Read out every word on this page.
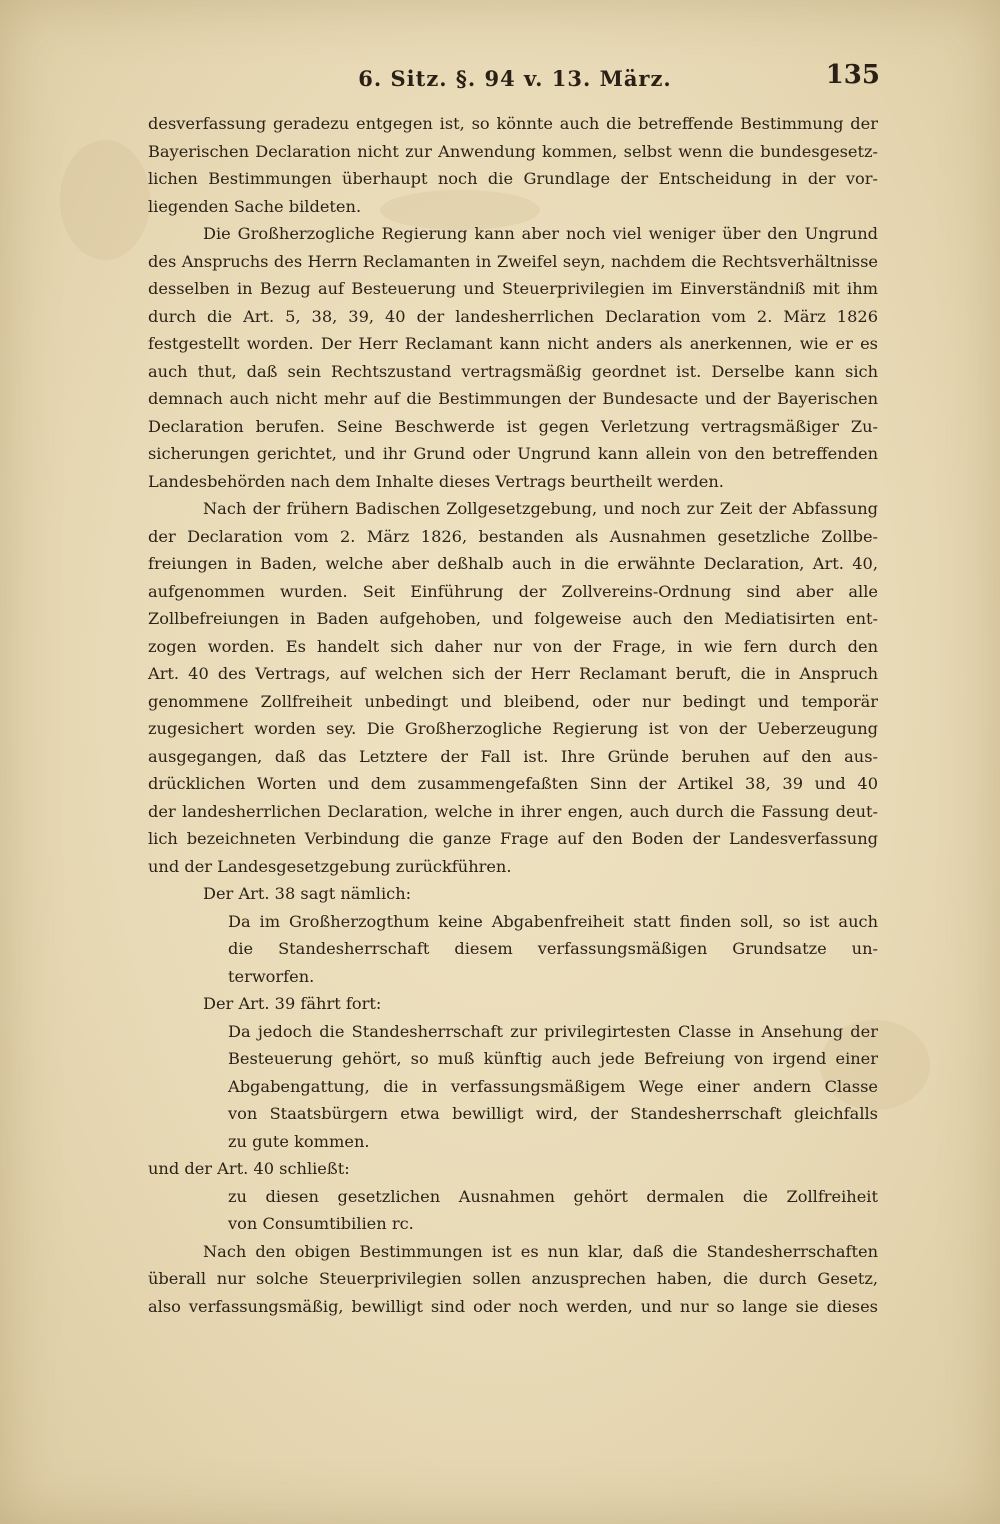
6. Sitz. §. 94 v. 13. März.	135
desverfassung geradezu entgegen ist, so könnte auch die betreffende Bestimmung der
Bayerischen Declaration nicht zur Anwendung kommen, selbst wenn die bundesgesetz-
lichen Bestimmungen überhaupt noch die Grundlage der Entscheidung in der vor-
liegenden Sache bildeten.
Die Großherzogliche Regierung kann aber noch viel weniger über den Ungrund
des Anspruchs des Herrn Reclamanten in Zweifel seyn, nachdem die Rechtsverhältnisse
desselben in Bezug auf Besteuerung und Steuerprivilegien im Einverständniß mit ihm
durch die Art. 5, 38, 39, 40 der landesherrlichen Declaration vom 2. März 1826
festgestellt worden. Der Herr Reclamant kann nicht anders als anerkennen, wie er es
auch thut, daß sein Rechtszustand vertragsmäßig geordnet ist. Derselbe kann sich
demnach auch nicht mehr auf die Bestimmungen der Bundesacte und der Bayerischen
Declaration berufen. Seine Beschwerde ist gegen Verletzung vertragsmäßiger Zu-
sicherungen gerichtet, und ihr Grund oder Ungrund kann allein von den betreffenden
Landesbehörden nach dem Inhalte dieses Vertrags beurtheilt werden.
Nach der frühern Badischen Zollgesetzgebung, und noch zur Zeit der Abfassung
der Declaration vom 2. März 1826, bestanden als Ausnahmen gesetzliche Zollbe-
freiungen in Baden, welche aber deßhalb auch in die erwähnte Declaration, Art. 40,
aufgenommen wurden. Seit Einführung der Zollvereins-Ordnung sind aber alle
Zollbefreiungen in Baden aufgehoben, und folgeweise auch den Mediatisirten ent-
zogen worden. Es handelt sich daher nur von der Frage, in wie fern durch den
Art. 40 des Vertrags, auf welchen sich der Herr Reclamant beruft, die in Anspruch
genommene Zollfreiheit unbedingt und bleibend, oder nur bedingt und temporär
zugesichert worden sey. Die Großherzogliche Regierung ist von der Ueberzeugung
ausgegangen, daß das Letztere der Fall ist. Ihre Gründe beruhen auf den aus-
drücklichen Worten und dem zusammengefaßten Sinn der Artikel 38, 39 und 40
der landesherrlichen Declaration, welche in ihrer engen, auch durch die Fassung deut-
lich bezeichneten Verbindung die ganze Frage auf den Boden der Landesverfassung
und der Landesgesetzgebung zurückführen.
Der Art. 38 sagt nämlich:
Da im Großherzogthum keine Abgabenfreiheit statt finden soll, so ist auch
die Standesherrschaft diesem verfassungsmäßigen Grundsatze un-
terworfen.
Der Art. 39 fährt fort:
Da jedoch die Standesherrschaft zur privilegirtesten Classe in Ansehung der
Besteuerung gehört, so muß künftig auch jede Befreiung von irgend einer
Abgabengattung, die in verfassungsmäßigem Wege einer andern Classe
von Staatsbürgern etwa bewilligt wird, der Standesherrschaft gleichfalls
zu gute kommen.
und der Art. 40 schließt:
zu diesen gesetzlichen Ausnahmen gehört dermalen die Zollfreiheit
von Consumtibilien rc.
Nach den obigen Bestimmungen ist es nun klar, daß die Standesherrschaften
überall nur solche Steuerprivilegien sollen anzusprechen haben, die durch Gesetz,
also verfassungsmäßig, bewilligt sind oder noch werden, und nur so lange sie dieses
